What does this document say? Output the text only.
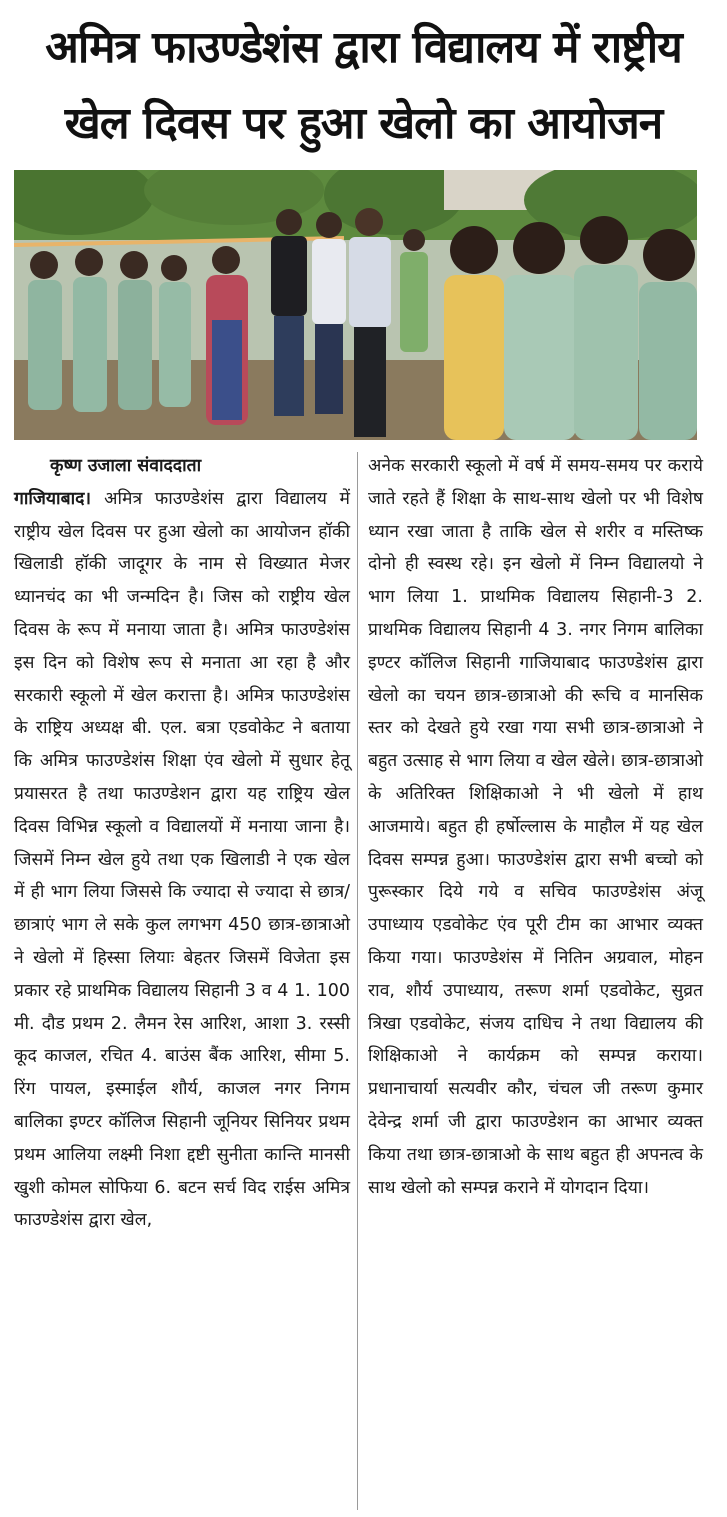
अमित्र फाउण्डेशंस द्वारा विद्यालय में राष्ट्रीय
खेल दिवस पर हुआ खेलो का आयोजन
कृष्ण उजाला संवाददाता
गाजियाबाद। अमित्र फाउण्डेशंस द्वारा विद्यालय में राष्ट्रीय खेल दिवस पर हुआ खेलो का आयोजन हॉकी खिलाडी हॉकी जादूगर के नाम से विख्यात मेजर ध्यानचंद का भी जन्मदिन है। जिस को राष्ट्रीय खेल दिवस के रूप में मनाया जाता है। अमित्र फाउण्डेशंस इस दिन को विशेष रूप से मनाता आ रहा है और सरकारी स्कूलो में खेल करात्ता है। अमित्र फाउण्डेशंस के राष्ट्रिय अध्यक्ष बी. एल. बत्रा एडवोकेट ने बताया कि अमित्र फाउण्डेशंस शिक्षा एंव खेलो में सुधार हेतू प्रयासरत है तथा फाउण्डेशन द्वारा यह राष्ट्रिय खेल दिवस विभिन्न स्कूलो व विद्यालयों में मनाया जाना है। जिसमें निम्न खेल हुये तथा एक खिलाडी ने एक खेल में ही भाग लिया जिससे कि ज्यादा से ज्यादा से छात्र/छात्राएं भाग ले सके कुल लगभग 450 छात्र-छात्राओ ने खेलो में हिस्सा लियाः बेहतर जिसमें विजेता इस प्रकार रहे प्राथमिक विद्यालय सिहानी 3 व 4 1. 100 मी. दौड प्रथम 2. लैमन रेस आरिश, आशा 3. रस्सी कूद काजल, रचित 4. बाउंस बैंक आरिश, सीमा 5. रिंग पायल, इस्माईल शौर्य, काजल नगर निगम बालिका इण्टर कॉलिज सिहानी जूनियर सिनियर प्रथम प्रथम आलिया लक्ष्मी निशा द्दष्टी सुनीता कान्ति मानसी खुशी कोमल सोफिया 6. बटन सर्च विद राईस अमित्र फाउण्डेशंस द्वारा खेल,
अनेक सरकारी स्कूलो में वर्ष में समय-समय पर कराये जाते रहते हैं शिक्षा के साथ-साथ खेलो पर भी विशेष ध्यान रखा जाता है ताकि खेल से शरीर व मस्तिष्क दोनो ही स्वस्थ रहे। इन खेलो में निम्न विद्यालयो ने भाग लिया 1. प्राथमिक विद्यालय सिहानी-3 2. प्राथमिक विद्यालय सिहानी 4 3. नगर निगम बालिका इण्टर कॉलिज सिहानी गाजियाबाद फाउण्डेशंस द्वारा खेलो का चयन छात्र-छात्राओ की रूचि व मानसिक स्तर को देखते हुये रखा गया सभी छात्र-छात्राओ ने बहुत उत्साह से भाग लिया व खेल खेले। छात्र-छात्राओ के अतिरिक्त शिक्षिकाओ ने भी खेलो में हाथ आजमाये। बहुत ही हर्षोल्लास के माहौल में यह खेल दिवस सम्पन्न हुआ। फाउण्डेशंस द्वारा सभी बच्चो को पुरूस्कार दिये गये व सचिव फाउण्डेशंस अंजू उपाध्याय एडवोकेट एंव पूरी टीम का आभार व्यक्त किया गया। फाउण्डेशंस में नितिन अग्रवाल, मोहन राव, शौर्य उपाध्याय, तरूण शर्मा एडवोकेट, सुव्रत त्रिखा एडवोकेट, संजय दाधिच ने तथा विद्यालय की शिक्षिकाओ ने कार्यक्रम को सम्पन्न कराया। प्रधानाचार्या सत्यवीर कौर, चंचल जी तरूण कुमार देवेन्द्र शर्मा जी द्वारा फाउण्डेशन का आभार व्यक्त किया तथा छात्र-छात्राओ के साथ बहुत ही अपनत्व के साथ खेलो को सम्पन्न कराने में योगदान दिया।
